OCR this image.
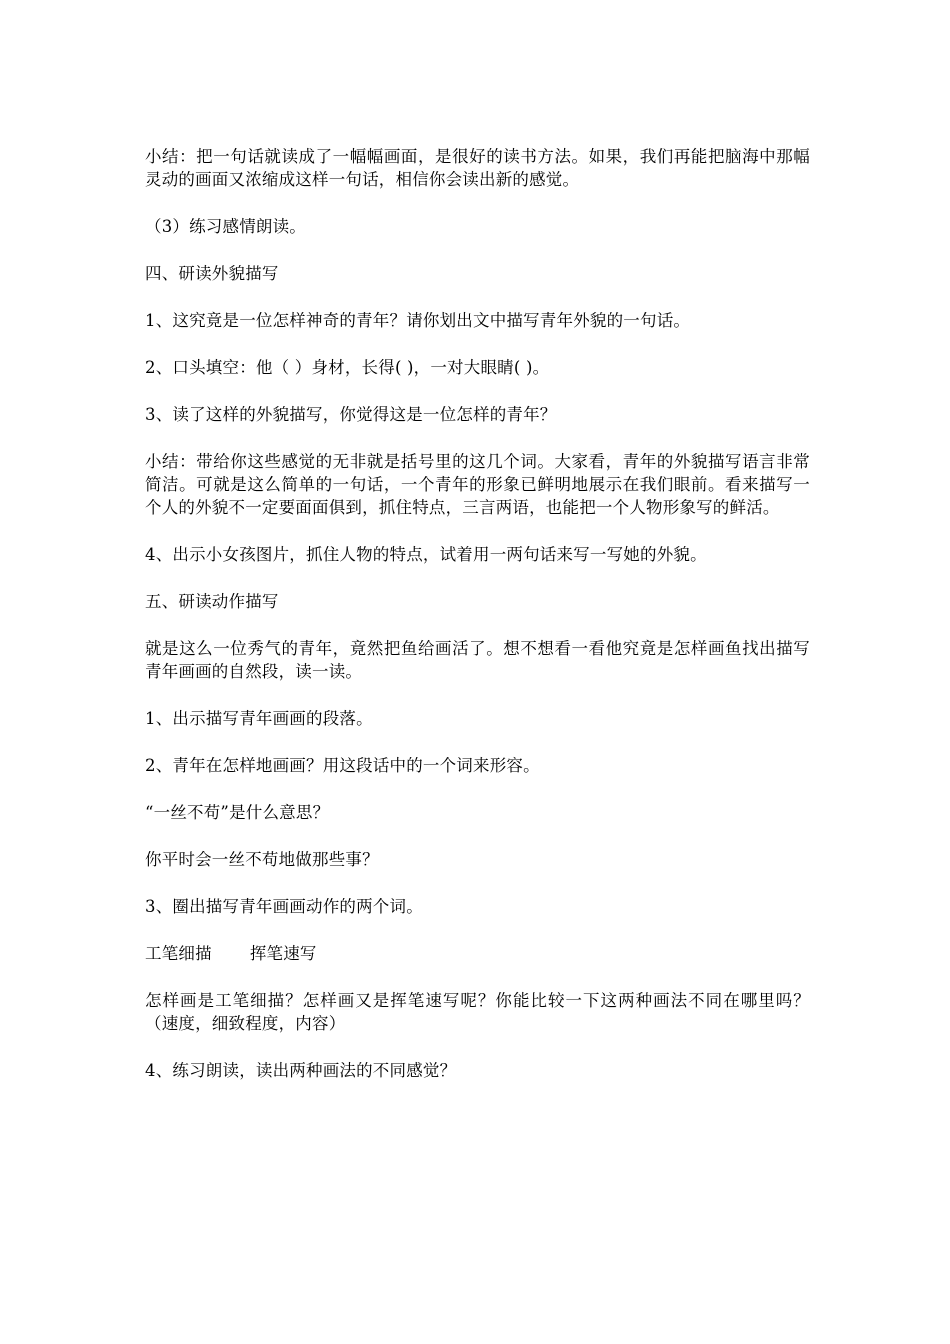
小结：把一句话就读成了一幅幅画面，是很好的读书方法。如果，我们再能把脑海中那幅灵动的画面又浓缩成这样一句话，相信你会读出新的感觉。

（3）练习感情朗读。

四、研读外貌描写

1、这究竟是一位怎样神奇的青年？请你划出文中描写青年外貌的一句话。

2、口头填空：他（ ）身材，长得( )，一对大眼睛( )。

3、读了这样的外貌描写，你觉得这是一位怎样的青年？

小结：带给你这些感觉的无非就是括号里的这几个词。大家看，青年的外貌描写语言非常简洁。可就是这么简单的一句话，一个青年的形象已鲜明地展示在我们眼前。看来描写一个人的外貌不一定要面面俱到，抓住特点，三言两语，也能把一个人物形象写的鲜活。

4、出示小女孩图片，抓住人物的特点，试着用一两句话来写一写她的外貌。

五、研读动作描写

就是这么一位秀气的青年，竟然把鱼给画活了。想不想看一看他究竟是怎样画鱼找出描写青年画画的自然段，读一读。

1、出示描写青年画画的段落。

2、青年在怎样地画画？用这段话中的一个词来形容。

“一丝不苟”是什么意思？

你平时会一丝不苟地做那些事？

3、圈出描写青年画画动作的两个词。

工笔细描 挥笔速写

怎样画是工笔细描？怎样画又是挥笔速写呢？你能比较一下这两种画法不同在哪里吗？（速度，细致程度，内容）

4、练习朗读，读出两种画法的不同感觉？
